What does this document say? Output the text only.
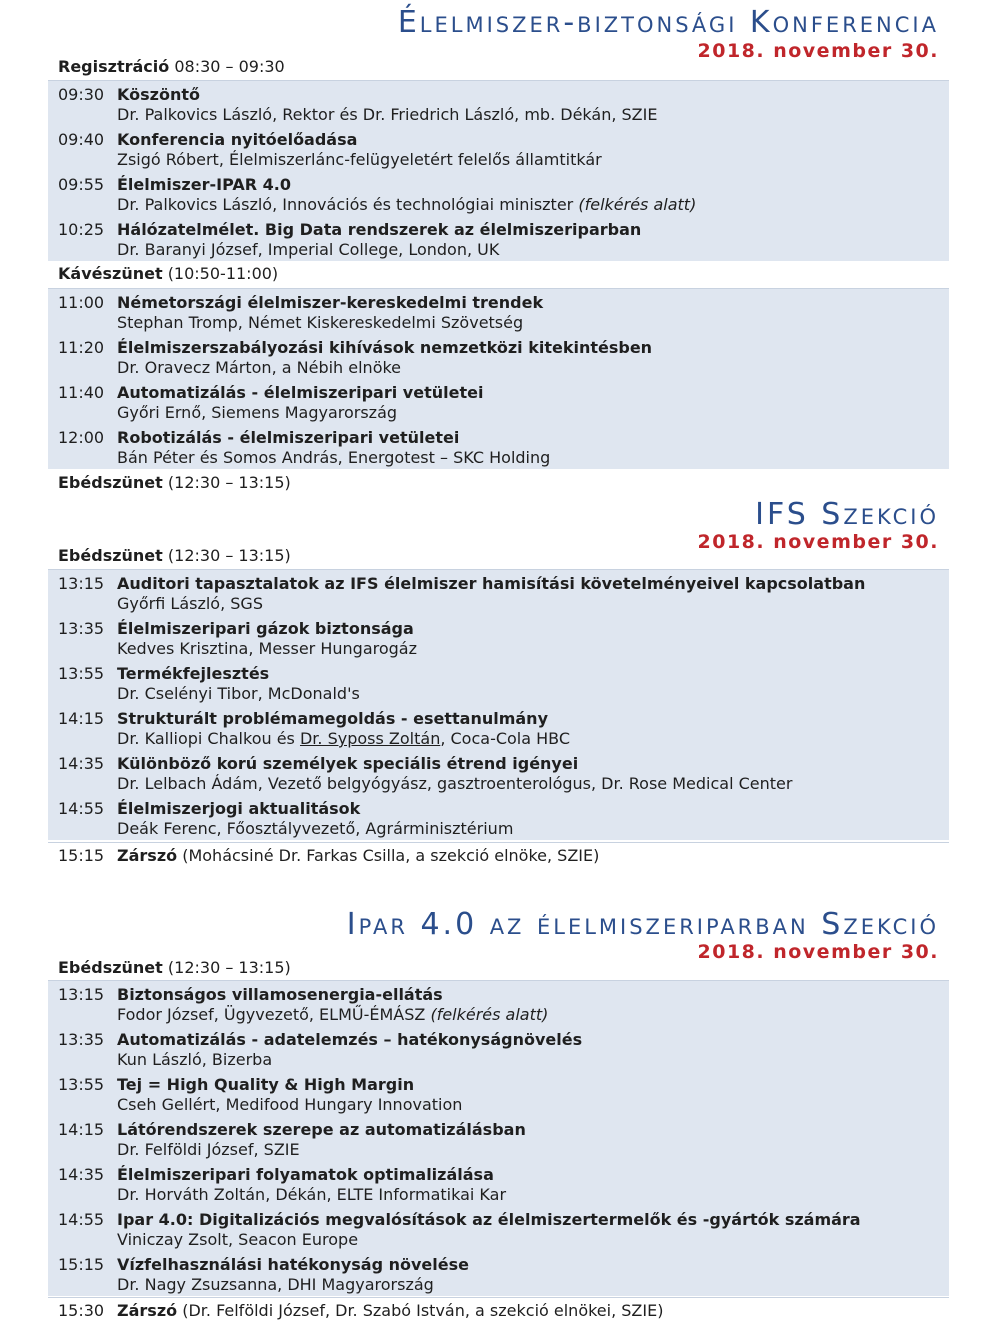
Élelmiszer-biztonsági Konferencia
2018. november 30.
Regisztráció 08:30 – 09:30
09:30 Köszöntő
Dr. Palkovics László, Rektor és Dr. Friedrich László, mb. Dékán, SZIE
09:40 Konferencia nyitóelőadása
Zsigó Róbert, Élelmiszerlánc-felügyeletért felelős államtitkár
09:55 Élelmiszer-IPAR 4.0
Dr. Palkovics László, Innovációs és technológiai miniszter (felkérés alatt)
10:25 Hálózatelmélet. Big Data rendszerek az élelmiszeriparban
Dr. Baranyi József, Imperial College, London, UK
Kávészünet (10:50-11:00)
11:00 Németországi élelmiszer-kereskedelmi trendek
Stephan Tromp, Német Kiskereskedelmi Szövetség
11:20 Élelmiszerszabályozási kihívások nemzetközi kitekintésben
Dr. Oravecz Márton, a Nébih elnöke
11:40 Automatizálás - élelmiszeripari vetületei
Győri Ernő, Siemens Magyarország
12:00 Robotizálás - élelmiszeripari vetületei
Bán Péter és Somos András, Energotest – SKC Holding
Ebédszünet (12:30 – 13:15)
IFS Szekció
2018. november 30.
Ebédszünet (12:30 – 13:15)
13:15 Auditori tapasztalatok az IFS élelmiszer hamisítási követelményeivel kapcsolatban
Győrfi László, SGS
13:35 Élelmiszeripari gázok biztonsága
Kedves Krisztina, Messer Hungarogáz
13:55 Termékfejlesztés
Dr. Cselényi Tibor, McDonald's
14:15 Strukturált problémamegoldás - esettanulmány
Dr. Kalliopi Chalkou és Dr. Syposs Zoltán, Coca-Cola HBC
14:35 Különböző korú személyek speciális étrend igényei
Dr. Lelbach Ádám, Vezető belgyógyász, gasztroenterológus, Dr. Rose Medical Center
14:55 Élelmiszerjogi aktualitások
Deák Ferenc, Főosztályvezető, Agrárminisztérium
15:15 Zárszó (Mohácsiné Dr. Farkas Csilla, a szekció elnöke, SZIE)
Ipar 4.0 az élelmiszeriparban Szekció
2018. november 30.
Ebédszünet (12:30 – 13:15)
13:15 Biztonságos villamosenergia-ellátás
Fodor József, Ügyvezető, ELMŰ-ÉMÁSZ (felkérés alatt)
13:35 Automatizálás - adatelemzés – hatékonyságnövelés
Kun László, Bizerba
13:55 Tej = High Quality & High Margin
Cseh Gellért, Medifood Hungary Innovation
14:15 Látórendszerek szerepe az automatizálásban
Dr. Felföldi József, SZIE
14:35 Élelmiszeripari folyamatok optimalizálása
Dr. Horváth Zoltán, Dékán, ELTE Informatikai Kar
14:55 Ipar 4.0: Digitalizációs megvalósítások az élelmiszertermelők és -gyártók számára
Viniczay Zsolt, Seacon Europe
15:15 Vízfelhasználási hatékonyság növelése
Dr. Nagy Zsuzsanna, DHI Magyarország
15:30 Zárszó (Dr. Felföldi József, Dr. Szabó István, a szekció elnökei, SZIE)
